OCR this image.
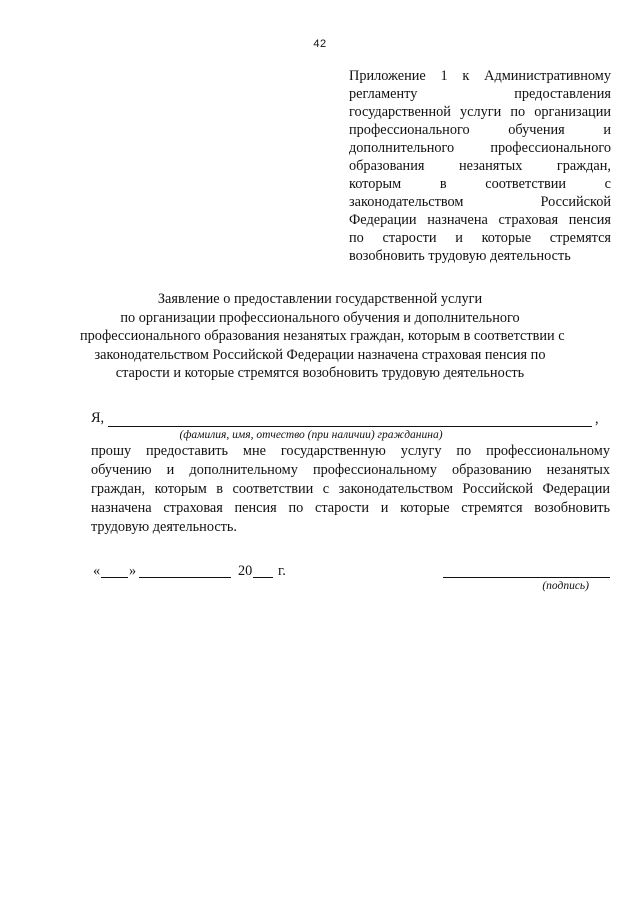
42
Приложение 1 к Административному
регламенту предоставления
государственной услуги по организации
профессионального обучения и
дополнительного профессионального
образования незанятых граждан,
которым в соответствии с
законодательством Российской
Федерации назначена страховая пенсия
по старости и которые стремятся
возобновить трудовую деятельность
Заявление о предоставлении государственной услуги
по организации профессионального обучения и дополнительного
профессионального образования незанятых граждан, которым в соответствии с
законодательством Российской Федерации назначена страховая пенсия по
старости и которые стремятся возобновить трудовую деятельность
Я,	,
(фамилия, имя, отчество (при наличии) гражданина)
прошу предоставить мне государственную услугу по профессиональному
обучению и дополнительному профессиональному образованию незанятых
граждан, которым в соответствии с законодательством Российской Федерации
назначена страховая пенсия по старости и которые стремятся возобновить
трудовую деятельность.
« »	20 г.
(подпись)
